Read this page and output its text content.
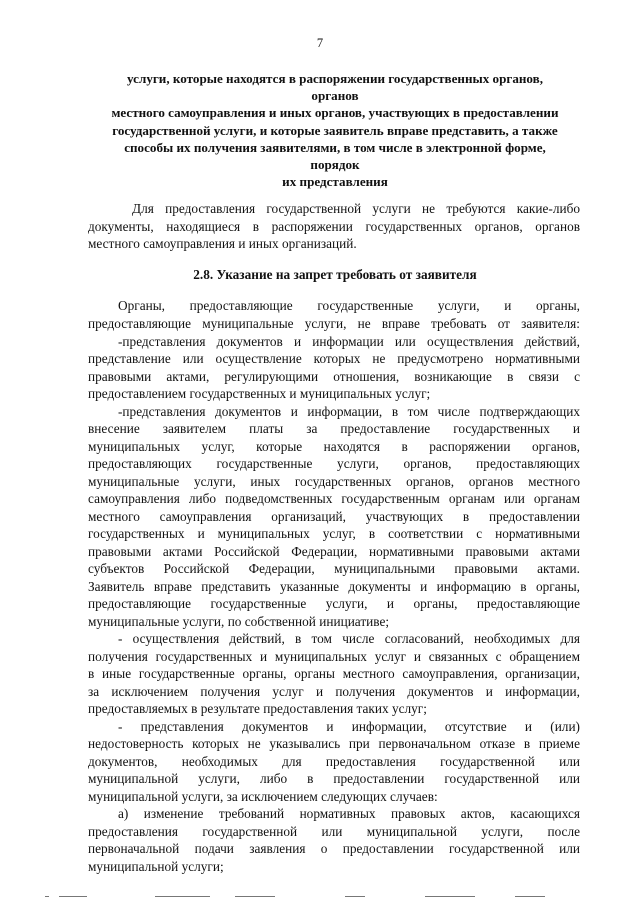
7
услуги, которые находятся в распоряжении государственных органов,
органов
местного самоуправления и иных органов, участвующих в предоставлении
государственной услуги, и которые заявитель вправе представить, а также
способы их получения заявителями, в том числе в электронной форме,
порядок
их представления
Для предоставления государственной услуги не требуются какие-либо
документы, находящиеся в распоряжении государственных органов, органов
местного самоуправления и иных организаций.
2.8. Указание на запрет требовать от заявителя
Органы, предоставляющие государственные услуги, и органы,
предоставляющие муниципальные услуги, не вправе требовать от заявителя:
-представления документов и информации или осуществления действий,
представление или осуществление которых не предусмотрено нормативными
правовыми актами, регулирующими отношения, возникающие в связи с
предоставлением государственных и муниципальных услуг;
-представления документов и информации, в том числе подтверждающих
внесение заявителем платы за предоставление государственных и
муниципальных услуг, которые находятся в распоряжении органов,
предоставляющих государственные услуги, органов, предоставляющих
муниципальные услуги, иных государственных органов, органов местного
самоуправления либо подведомственных государственным органам или органам
местного самоуправления организаций, участвующих в предоставлении
государственных и муниципальных услуг, в соответствии с нормативными
правовыми актами Российской Федерации, нормативными правовыми актами
субъектов Российской Федерации, муниципальными правовыми актами.
Заявитель вправе представить указанные документы и информацию в органы,
предоставляющие государственные услуги, и органы, предоставляющие
муниципальные услуги, по собственной инициативе;
- осуществления действий, в том числе согласований, необходимых для
получения государственных и муниципальных услуг и связанных с обращением
в иные государственные органы, органы местного самоуправления, организации,
за исключением получения услуг и получения документов и информации,
предоставляемых в результате предоставления таких услуг;
- представления документов и информации, отсутствие и (или)
недостоверность которых не указывались при первоначальном отказе в приеме
документов, необходимых для предоставления государственной или
муниципальной услуги, либо в предоставлении государственной или
муниципальной услуги, за исключением следующих случаев:
а) изменение требований нормативных правовых актов, касающихся
предоставления государственной или муниципальной услуги, после
первоначальной подачи заявления о предоставлении государственной или
муниципальной услуги;
